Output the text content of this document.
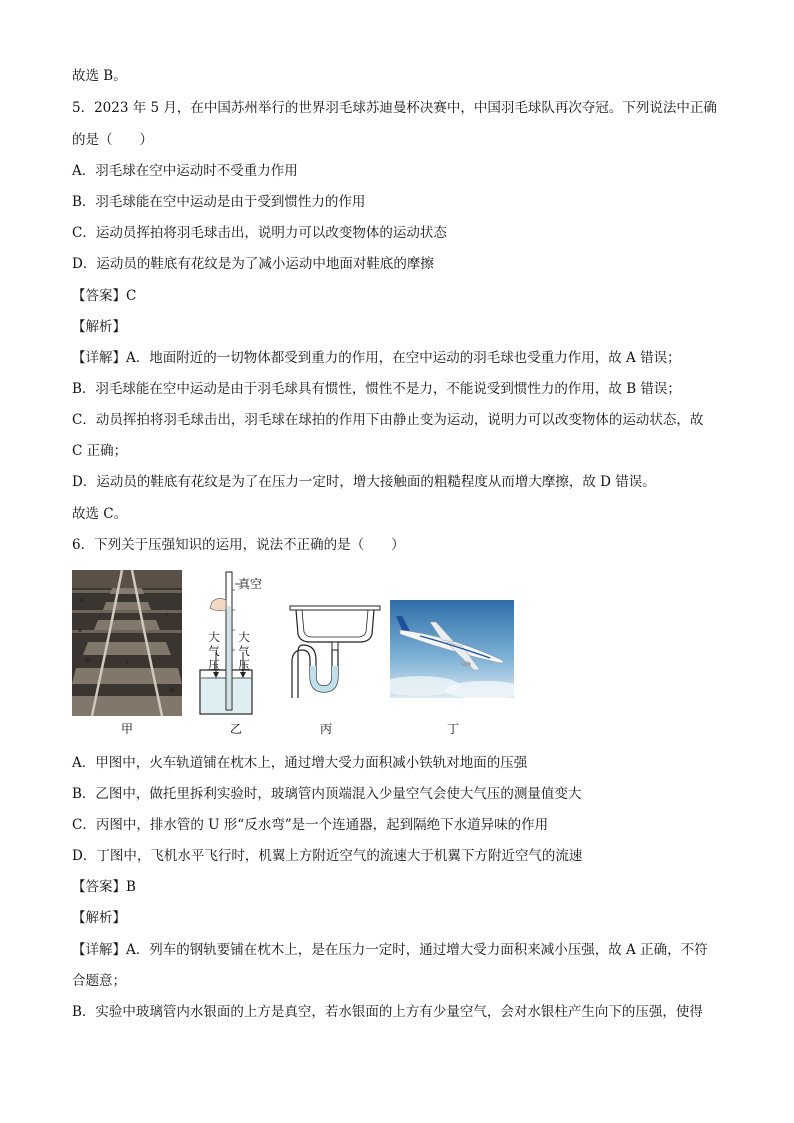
故选 B。
5．2023 年 5 月，在中国苏州举行的世界羽毛球苏迪曼杯决赛中，中国羽毛球队再次夺冠。下列说法中正确
的是（　　）
A．羽毛球在空中运动时不受重力作用
B．羽毛球能在空中运动是由于受到惯性力的作用
C．运动员挥拍将羽毛球击出，说明力可以改变物体的运动状态
D．运动员的鞋底有花纹是为了减小运动中地面对鞋底的摩擦
【答案】C
【解析】
【详解】A．地面附近的一切物体都受到重力的作用，在空中运动的羽毛球也受重力作用，故 A 错误；
B．羽毛球能在空中运动是由于羽毛球具有惯性，惯性不是力，不能说受到惯性力的作用，故 B 错误；
C．动员挥拍将羽毛球击出，羽毛球在球拍的作用下由静止变为运动，说明力可以改变物体的运动状态，故
C 正确；
D．运动员的鞋底有花纹是为了在压力一定时，增大接触面的粗糙程度从而增大摩擦，故 D 错误。
故选 C。
6．下列关于压强知识的运用，说法不正确的是（　　）
真空
大气压
大气压
甲	乙	丙	丁
A．甲图中，火车轨道铺在枕木上，通过增大受力面积减小铁轨对地面的压强
B．乙图中，做托里拆利实验时，玻璃管内顶端混入少量空气会使大气压的测量值变大
C．丙图中，排水管的 U 形“反水弯”是一个连通器，起到隔绝下水道异味的作用
D．丁图中，飞机水平飞行时，机翼上方附近空气的流速大于机翼下方附近空气的流速
【答案】B
【解析】
【详解】A．列车的钢轨要铺在枕木上，是在压力一定时，通过增大受力面积来减小压强，故 A 正确，不符
合题意；
B．实验中玻璃管内水银面的上方是真空，若水银面的上方有少量空气，会对水银柱产生向下的压强，使得
